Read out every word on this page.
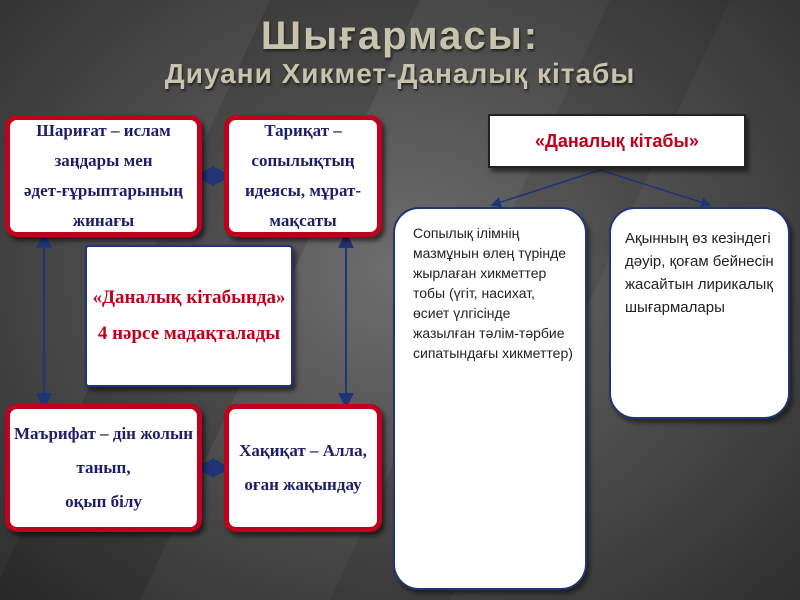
Шығармасы:
Диуани Хикмет-Даналық кітабы
Шариғат – ислам заңдары мен
әдет-ғұрыптарының жинағы
Тариқат – сопылықтың
идеясы, мұрат-мақсаты
Маърифат – дін жолын танып,
оқып білу
Хақиқат – Алла,
оған жақындау
«Даналық кітабында»
4 нәрсе мадақталады
«Даналық кітабы»
Сопылық ілімнің мазмұнын өлең түрінде жырлаған хикметтер тобы (үгіт, насихат, өсиет үлгісінде жазылған тәлім-тәрбие сипатындағы хикметтер)
Ақынның өз кезіндегі дәуір, қоғам бейнесін жасайтын лирикалық шығармалары
